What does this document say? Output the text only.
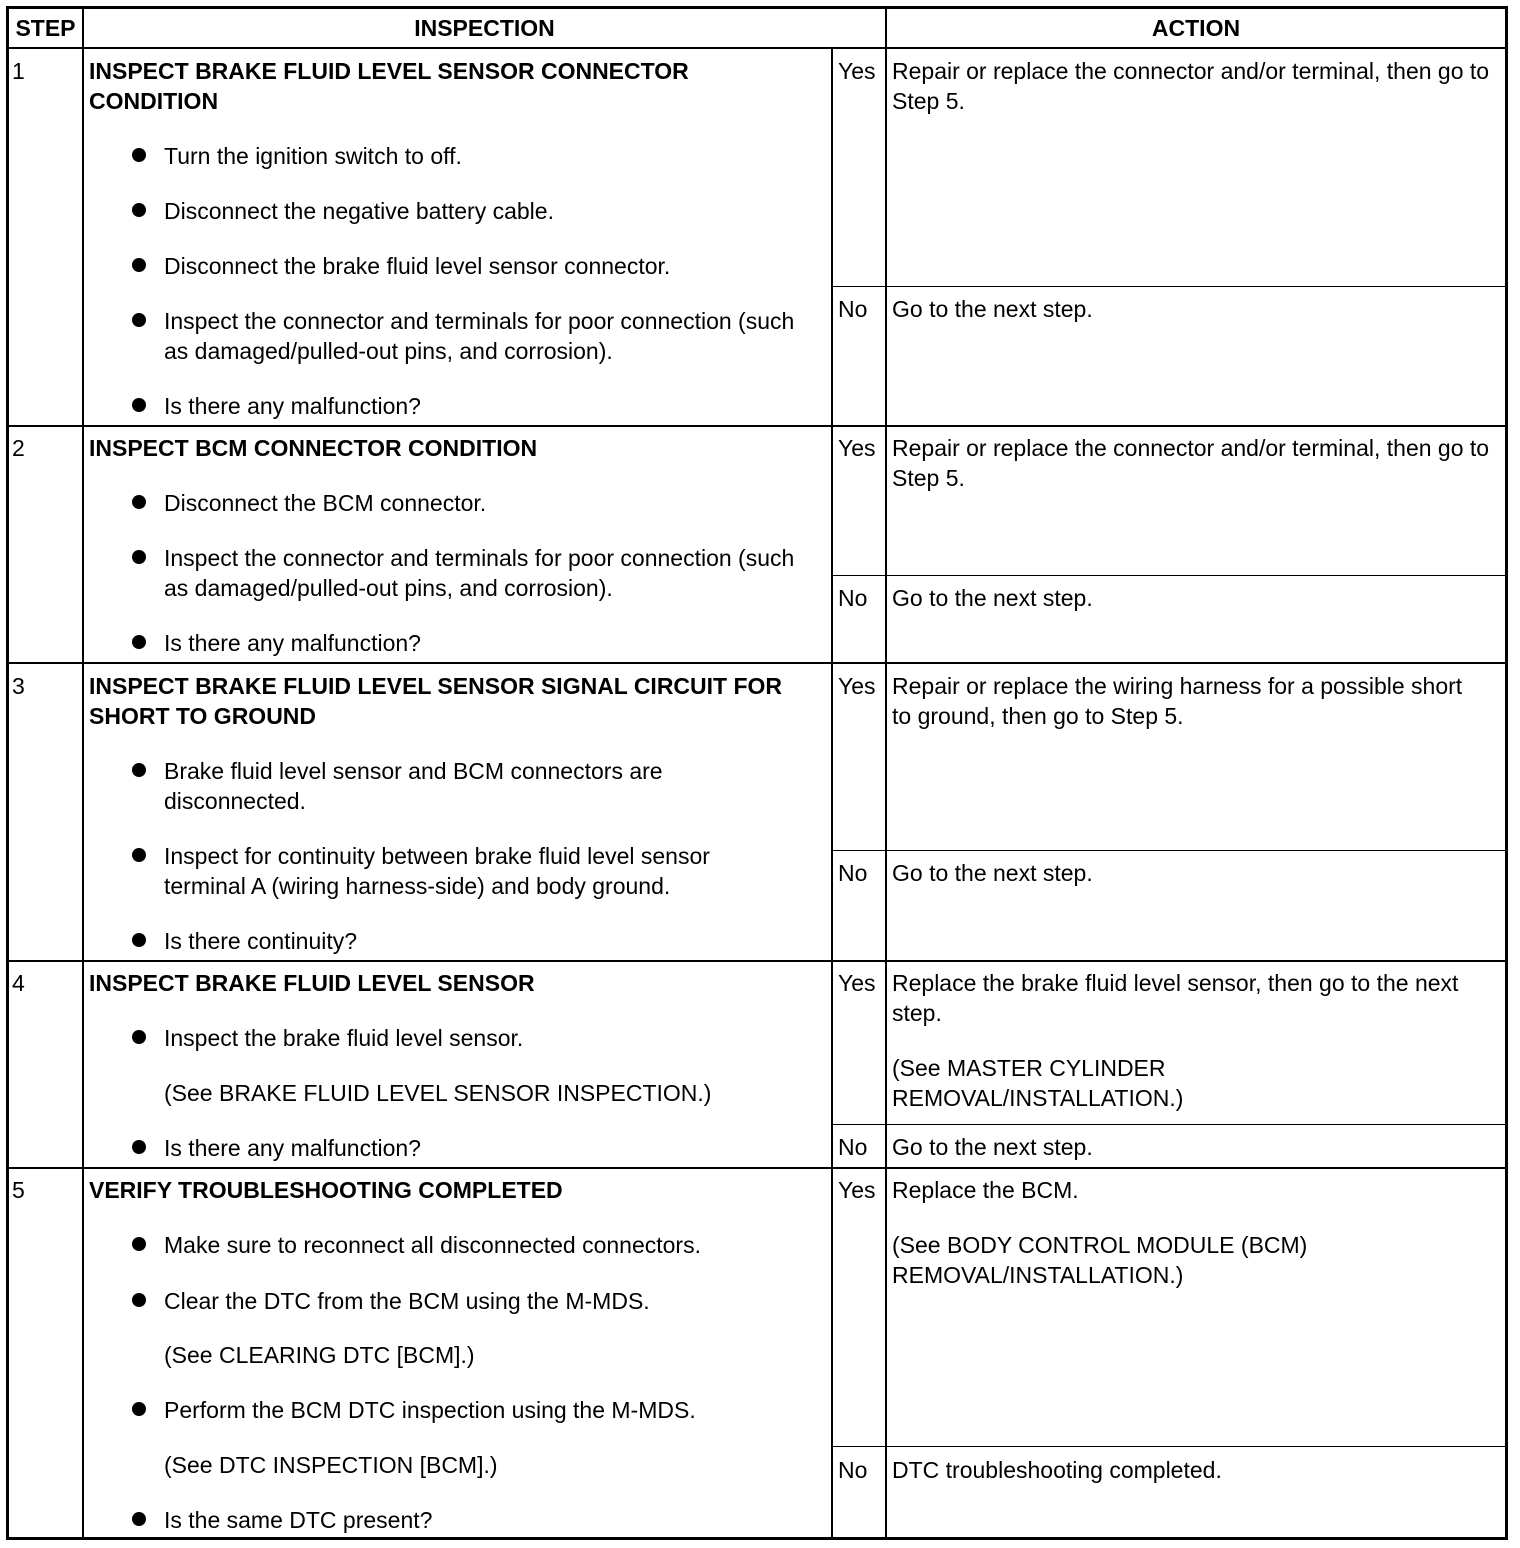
STEP	INSPECTION	ACTION
1	INSPECT BRAKE FLUID LEVEL SENSOR CONNECTOR CONDITION
Turn the ignition switch to off.
Disconnect the negative battery cable.
Disconnect the brake fluid level sensor connector.
Inspect the connector and terminals for poor connection (such as damaged/pulled-out pins, and corrosion).
Is there any malfunction?
Yes Repair or replace the connector and/or terminal, then go to Step 5.
No Go to the next step.
2	INSPECT BCM CONNECTOR CONDITION
Disconnect the BCM connector.
Inspect the connector and terminals for poor connection (such as damaged/pulled-out pins, and corrosion).
Is there any malfunction?
Yes Repair or replace the connector and/or terminal, then go to Step 5.
No Go to the next step.
3	INSPECT BRAKE FLUID LEVEL SENSOR SIGNAL CIRCUIT FOR SHORT TO GROUND
Brake fluid level sensor and BCM connectors are disconnected.
Inspect for continuity between brake fluid level sensor terminal A (wiring harness-side) and body ground.
Is there continuity?
Yes Repair or replace the wiring harness for a possible short to ground, then go to Step 5.
No Go to the next step.
4	INSPECT BRAKE FLUID LEVEL SENSOR
Inspect the brake fluid level sensor.
(See BRAKE FLUID LEVEL SENSOR INSPECTION.)
Is there any malfunction?
Yes Replace the brake fluid level sensor, then go to the next step.
(See MASTER CYLINDER REMOVAL/INSTALLATION.)
No Go to the next step.
5	VERIFY TROUBLESHOOTING COMPLETED
Make sure to reconnect all disconnected connectors.
Clear the DTC from the BCM using the M-MDS.
(See CLEARING DTC [BCM].)
Perform the BCM DTC inspection using the M-MDS.
(See DTC INSPECTION [BCM].)
Is the same DTC present?
Yes Replace the BCM.
(See BODY CONTROL MODULE (BCM) REMOVAL/INSTALLATION.)
No DTC troubleshooting completed.
